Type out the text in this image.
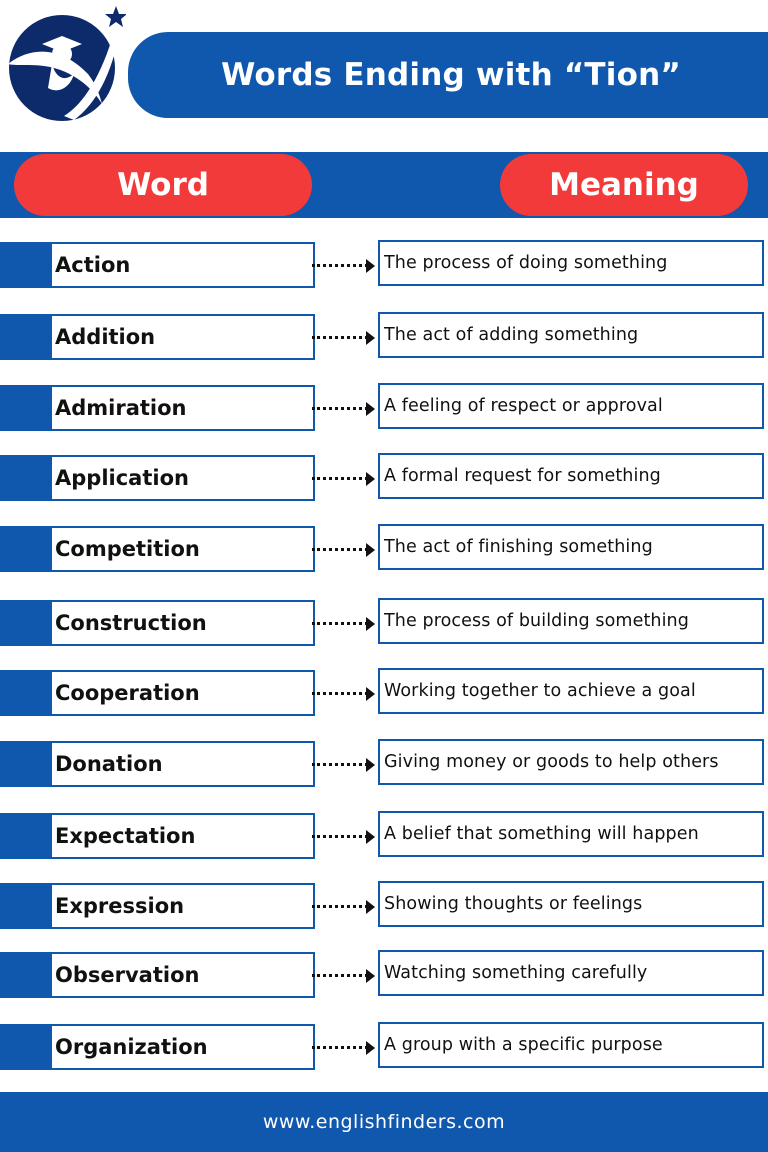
Words Ending with “Tion”
Word	Meaning
Action	The process of doing something
Addition	The act of adding something
Admiration	A feeling of respect or approval
Application	A formal request for something
Competition	The act of finishing something
Construction	The process of building something
Cooperation	Working together to achieve a goal
Donation	Giving money or goods to help others
Expectation	A belief that something will happen
Expression	Showing thoughts or feelings
Observation	Watching something carefully
Organization	A group with a specific purpose
www.englishfinders.com
